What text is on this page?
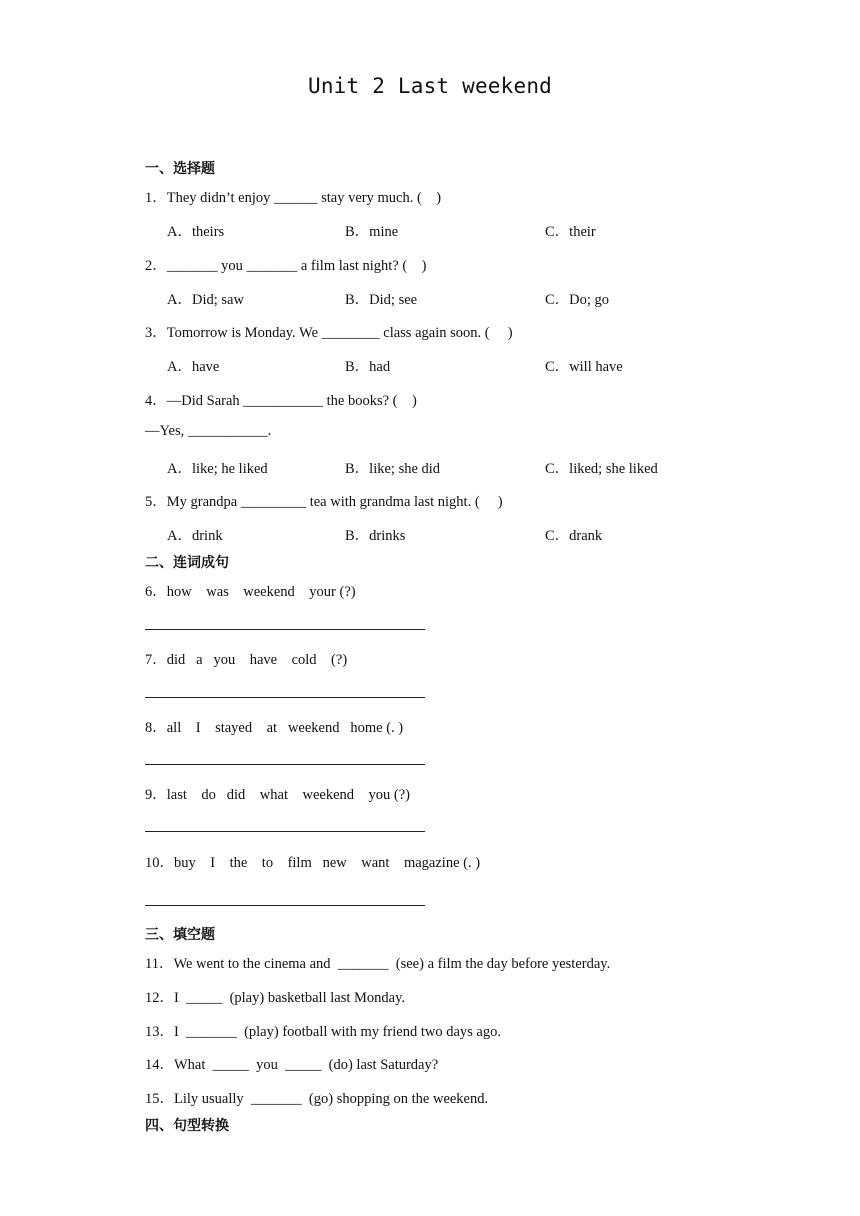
Unit 2 Last weekend
一、选择题
1．They didn’t enjoy ______ stay very much. (    )
A．theirs	B．mine	C．their
2．_______ you _______ a film last night? (    )
A．Did; saw	B．Did; see	C．Do; go
3．Tomorrow is Monday. We ________ class again soon. (     )
A．have	B．had	C．will have
4．—Did Sarah ___________ the books? (    )
—Yes, ___________.
A．like; he liked	B．like; she did	C．liked; she liked
5．My grandpa _________ tea with grandma last night. (     )
A．drink	B．drinks	C．drank
二、连词成句
6．how    was    weekend    your (?)
7．did   a   you    have    cold    (?)
8．all    I    stayed    at   weekend   home (. )
9．last    do   did    what    weekend    you (?)
10．buy    I    the    to    film   new    want    magazine (. )
三、填空题
11．We went to the cinema and  _______  (see) a film the day before yesterday.
12．I  _____  (play) basketball last Monday.
13．I  _______  (play) football with my friend two days ago.
14．What  _____  you  _____  (do) last Saturday?
15．Lily usually  _______  (go) shopping on the weekend.
四、句型转换
